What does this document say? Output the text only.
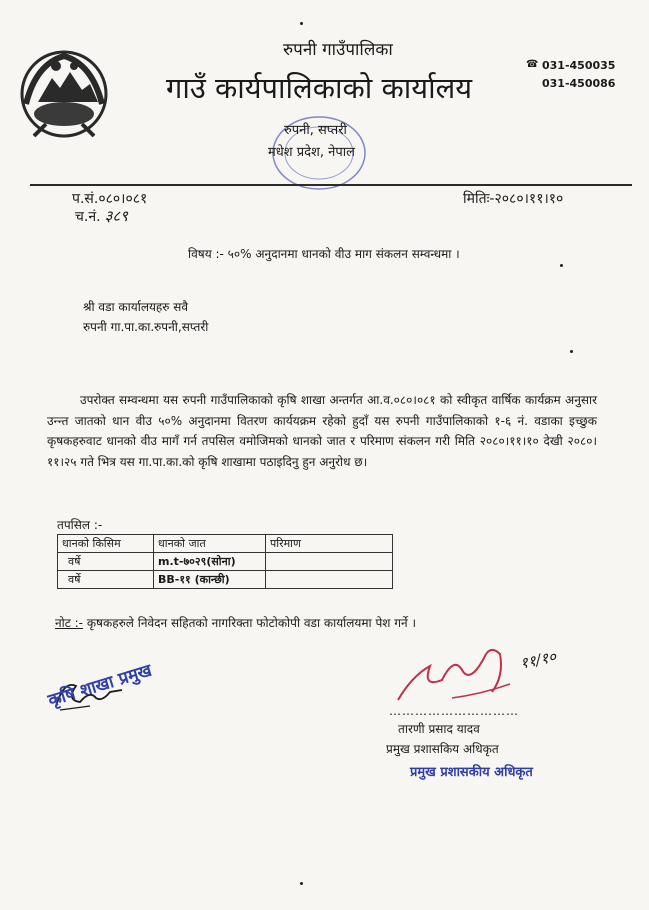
रुपनी गाउँपालिका
गाउँ कार्यपालिकाको कार्यालय
☎ 031-450035
031-450086
रुपनी, सप्तरी
मधेश प्रदेश, नेपाल
प.सं.०८०।०८१
च.नं. ३८९
मितिः-२०८०।११।१०
विषय :- ५०% अनुदानमा धानको वीउ माग संकलन सम्वन्धमा ।
श्री वडा कार्यालयहरु सवै
रुपनी गा.पा.का.रुपनी,सप्तरी
उपरोक्त सम्वन्धमा यस रुपनी गाउँपालिकाको कृषि शाखा अन्तर्गत आ.व.०८०।०८१ को स्वीकृत वार्षिक कार्यक्रम अनुसार उन्न्त जातको धान वीउ ५०% अनुदानमा वितरण कार्ययक्रम रहेको हुदाँ यस रुपनी गाउँपालिकाको १-६ नं. वडाका इच्छुक कृषकहरुवाट धानको वीउ मागँ गर्न तपसिल वमोजिमको धानको जात र परिमाण संकलन गरी मिति २०८०।११।१० देखी २०८०।११।२५ गते भित्र यस गा.पा.का.को कृषि शाखामा पठाइदिनु हुन अनुरोध छ।
तपसिल :-
धानको किसिम	धानको जात	परिमाण
वर्षे	m.t-७०२९(सोना)	
वर्षे	BB-११ (कान्छी)	
नोट :- कृषकहरुले निवेदन सहितको नागरिक्ता फोटोकोपी वडा कार्यालयमा पेश गर्ने ।
कृषि शाखा प्रमुख
११/१०
…………………………
तारणी प्रसाद यादव
प्रमुख प्रशासकिय अधिकृत
प्रमुख प्रशासकीय अधिकृत
